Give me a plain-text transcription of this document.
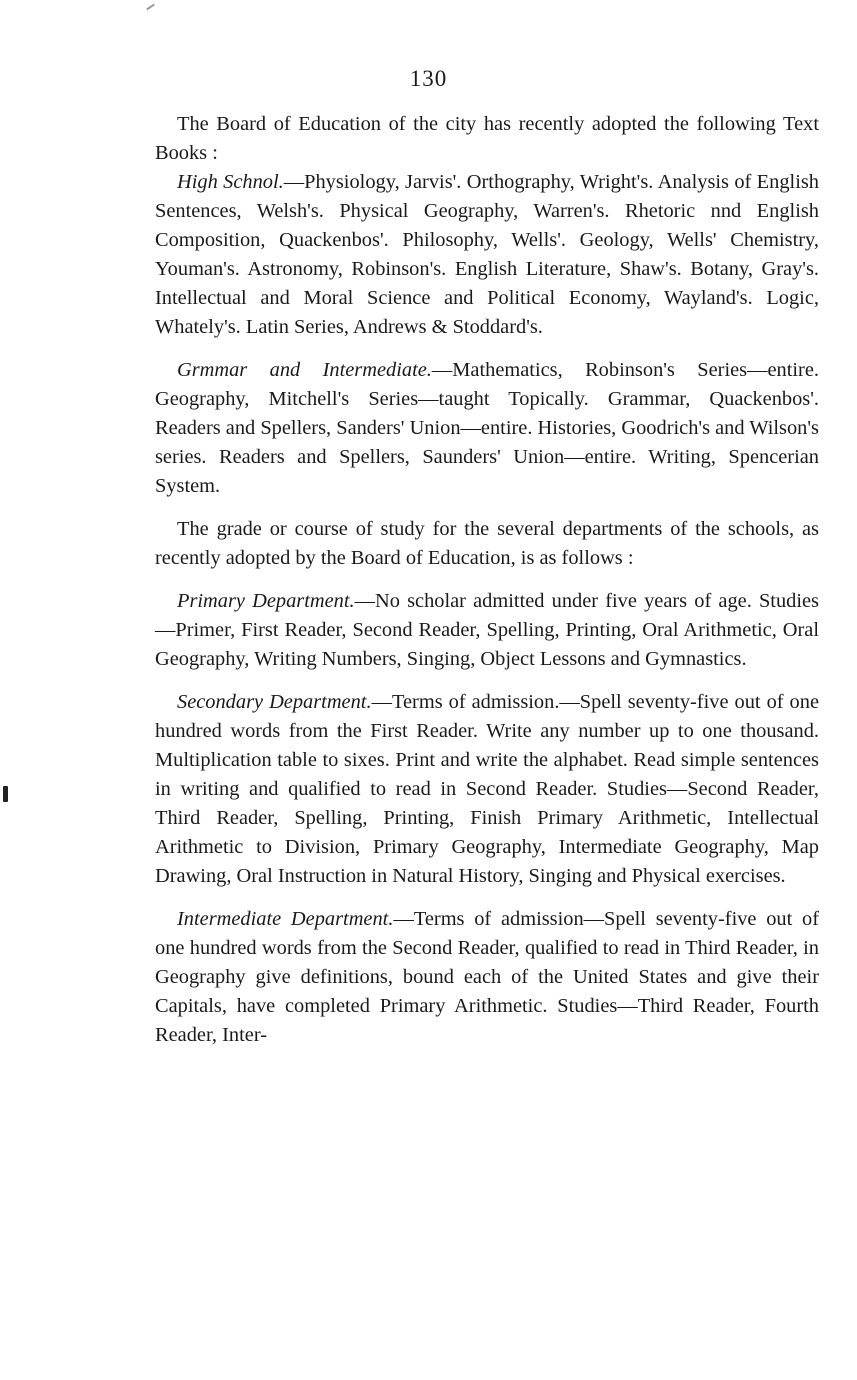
130

The Board of Education of the city has recently adopted the following Text Books :

High Schnol.—Physiology, Jarvis'. Orthography, Wright's. Analysis of English Sentences, Welsh's. Physical Geography, Warren's. Rhetoric nnd English Composition, Quackenbos'. Philosophy, Wells'. Geology, Wells' Chemistry, Youman's. Astronomy, Robinson's. English Literature, Shaw's. Botany, Gray's. Intellectual and Moral Science and Political Economy, Wayland's. Logic, Whately's. Latin Series, Andrews & Stoddard's.

Grmmar and Intermediate.—Mathematics, Robinson's Series—entire. Geography, Mitchell's Series—taught Topically. Grammar, Quackenbos'. Readers and Spellers, Sanders' Union—entire. Histories, Goodrich's and Wilson's series. Readers and Spellers, Saunders' Union—entire. Writing, Spencerian System.

The grade or course of study for the several departments of the schools, as recently adopted by the Board of Education, is as follows :

Primary Department.—No scholar admitted under five years of age. Studies—Primer, First Reader, Second Reader, Spelling, Printing, Oral Arithmetic, Oral Geography, Writing Numbers, Singing, Object Lessons and Gymnastics.

Secondary Department.—Terms of admission.—Spell seventy-five out of one hundred words from the First Reader. Write any number up to one thousand. Multiplication table to sixes. Print and write the alphabet. Read simple sentences in writing and qualified to read in Second Reader. Studies—Second Reader, Third Reader, Spelling, Printing, Finish Primary Arithmetic, Intellectual Arithmetic to Division, Primary Geography, Intermediate Geography, Map Drawing, Oral Instruction in Natural History, Singing and Physical exercises.

Intermediate Department.—Terms of admission—Spell seventy-five out of one hundred words from the Second Reader, qualified to read in Third Reader, in Geography give definitions, bound each of the United States and give their Capitals, have completed Primary Arithmetic. Studies—Third Reader, Fourth Reader, Inter-
